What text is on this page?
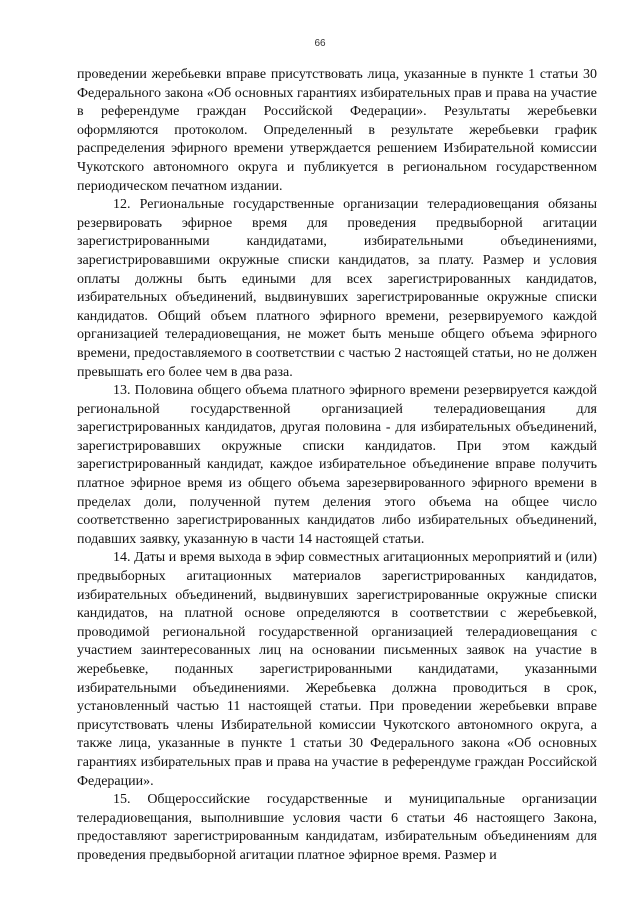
66

проведении жеребьевки вправе присутствовать лица, указанные в пункте 1 статьи 30 Федерального закона «Об основных гарантиях избирательных прав и права на участие в референдуме граждан Российской Федерации». Результаты жеребьевки оформляются протоколом. Определенный в результате жеребьевки график распределения эфирного времени утверждается решением Избирательной комиссии Чукотского автономного округа и публикуется в региональном государственном периодическом печатном издании.

12. Региональные государственные организации телерадиовещания обязаны резервировать эфирное время для проведения предвыборной агитации зарегистрированными кандидатами, избирательными объединениями, зарегистрировавшими окружные списки кандидатов, за плату. Размер и условия оплаты должны быть едиными для всех зарегистрированных кандидатов, избирательных объединений, выдвинувших зарегистрированные окружные списки кандидатов. Общий объем платного эфирного времени, резервируемого каждой организацией телерадиовещания, не может быть меньше общего объема эфирного времени, предоставляемого в соответствии с частью 2 настоящей статьи, но не должен превышать его более чем в два раза.

13. Половина общего объема платного эфирного времени резервируется каждой региональной государственной организацией телерадиовещания для зарегистрированных кандидатов, другая половина - для избирательных объединений, зарегистрировавших окружные списки кандидатов. При этом каждый зарегистрированный кандидат, каждое избирательное объединение вправе получить платное эфирное время из общего объема зарезервированного эфирного времени в пределах доли, полученной путем деления этого объема на общее число соответственно зарегистрированных кандидатов либо избирательных объединений, подавших заявку, указанную в части 14 настоящей статьи.

14. Даты и время выхода в эфир совместных агитационных мероприятий и (или) предвыборных агитационных материалов зарегистрированных кандидатов, избирательных объединений, выдвинувших зарегистрированные окружные списки кандидатов, на платной основе определяются в соответствии с жеребьевкой, проводимой региональной государственной организацией телерадиовещания с участием заинтересованных лиц на основании письменных заявок на участие в жеребьевке, поданных зарегистрированными кандидатами, указанными избирательными объединениями. Жеребьевка должна проводиться в срок, установленный частью 11 настоящей статьи. При проведении жеребьевки вправе присутствовать члены Избирательной комиссии Чукотского автономного округа, а также лица, указанные в пункте 1 статьи 30 Федерального закона «Об основных гарантиях избирательных прав и права на участие в референдуме граждан Российской Федерации».

15. Общероссийские государственные и муниципальные организации телерадиовещания, выполнившие условия части 6 статьи 46 настоящего Закона, предоставляют зарегистрированным кандидатам, избирательным объединениям для проведения предвыборной агитации платное эфирное время. Размер и
